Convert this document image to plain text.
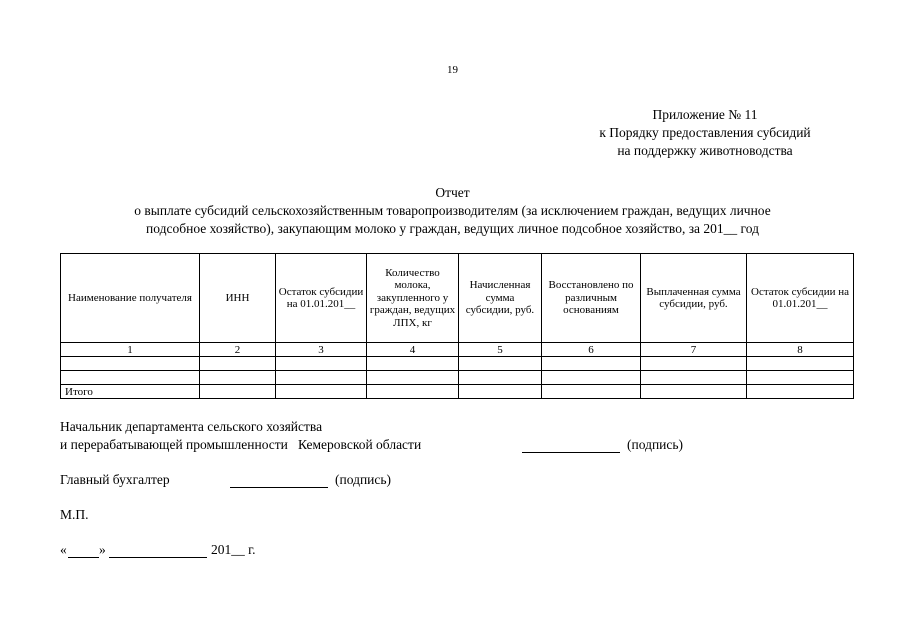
19
Приложение № 11
к Порядку предоставления субсидий
на поддержку животноводства
Отчет
о выплате субсидий сельскохозяйственным товаропроизводителям (за исключением граждан, ведущих личное
подсобное хозяйство), закупающим молоко у граждан, ведущих личное подсобное хозяйство, за 201__ год
Наименование получателя	ИНН	Остаток субсидии на 01.01.201__	Количество молока, закупленного у граждан, ведущих ЛПХ, кг	Начисленная сумма субсидии, руб.	Восстановлено по различным основаниям	Выплаченная сумма субсидии, руб.	Остаток субсидии на 01.01.201__
1	2	3	4	5	6	7	8

Итого							
Начальник департамента сельского хозяйства
и перерабатывающей промышленности   Кемеровской области	(подпись)
Главный бухгалтер	(подпись)
М.П.
« »	201__ г.
